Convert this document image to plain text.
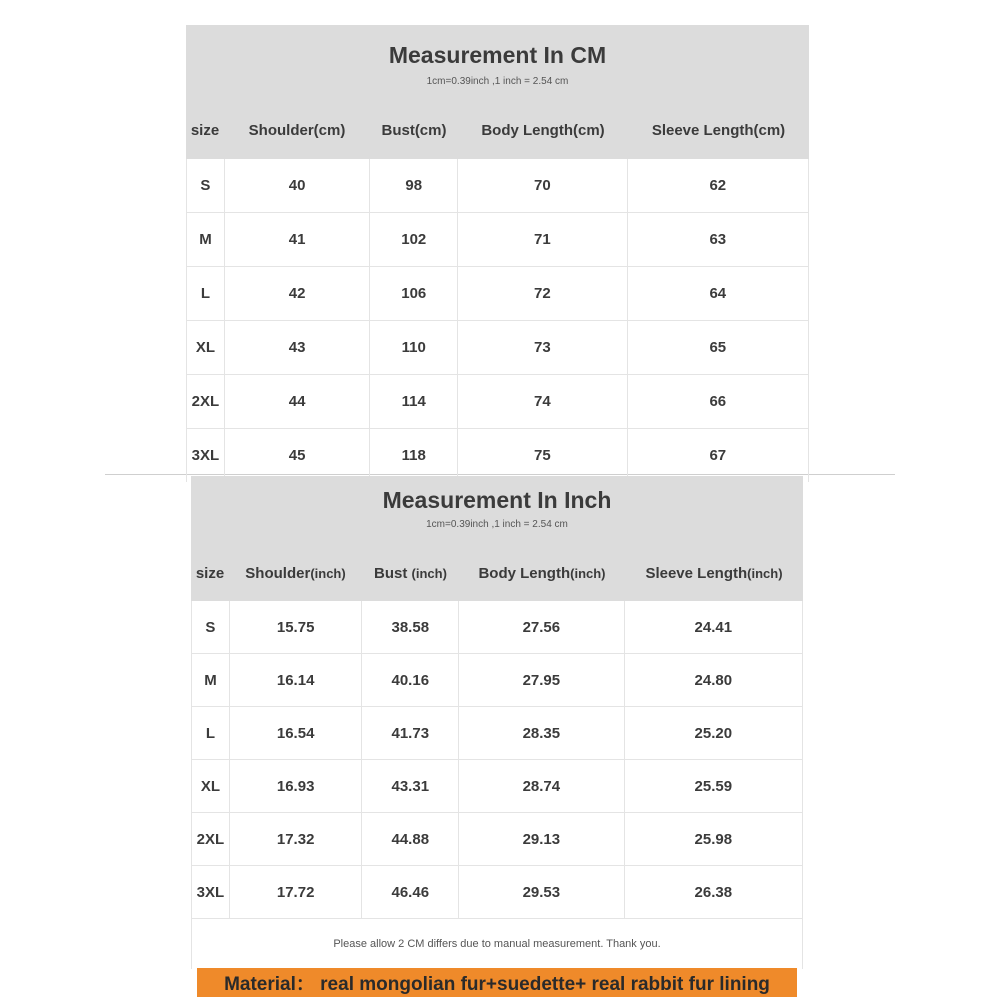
Measurement In CM
1cm=0.39inch ,1 inch = 2.54 cm
size	Shoulder(cm)	Bust(cm)	Body Length(cm)	Sleeve Length(cm)
S	40	98	70	62
M	41	102	71	63
L	42	106	72	64
XL	43	110	73	65
2XL	44	114	74	66
3XL	45	118	75	67
Measurement In Inch
1cm=0.39inch ,1 inch = 2.54 cm
size	Shoulder(inch)	Bust (inch)	Body Length(inch)	Sleeve Length(inch)
S	15.75	38.58	27.56	24.41
M	16.14	40.16	27.95	24.80
L	16.54	41.73	28.35	25.20
XL	16.93	43.31	28.74	25.59
2XL	17.32	44.88	29.13	25.98
3XL	17.72	46.46	29.53	26.38
Please allow 2 CM differs due to manual measurement. Thank you.
Material： real mongolian fur+suedette+ real rabbit fur lining
